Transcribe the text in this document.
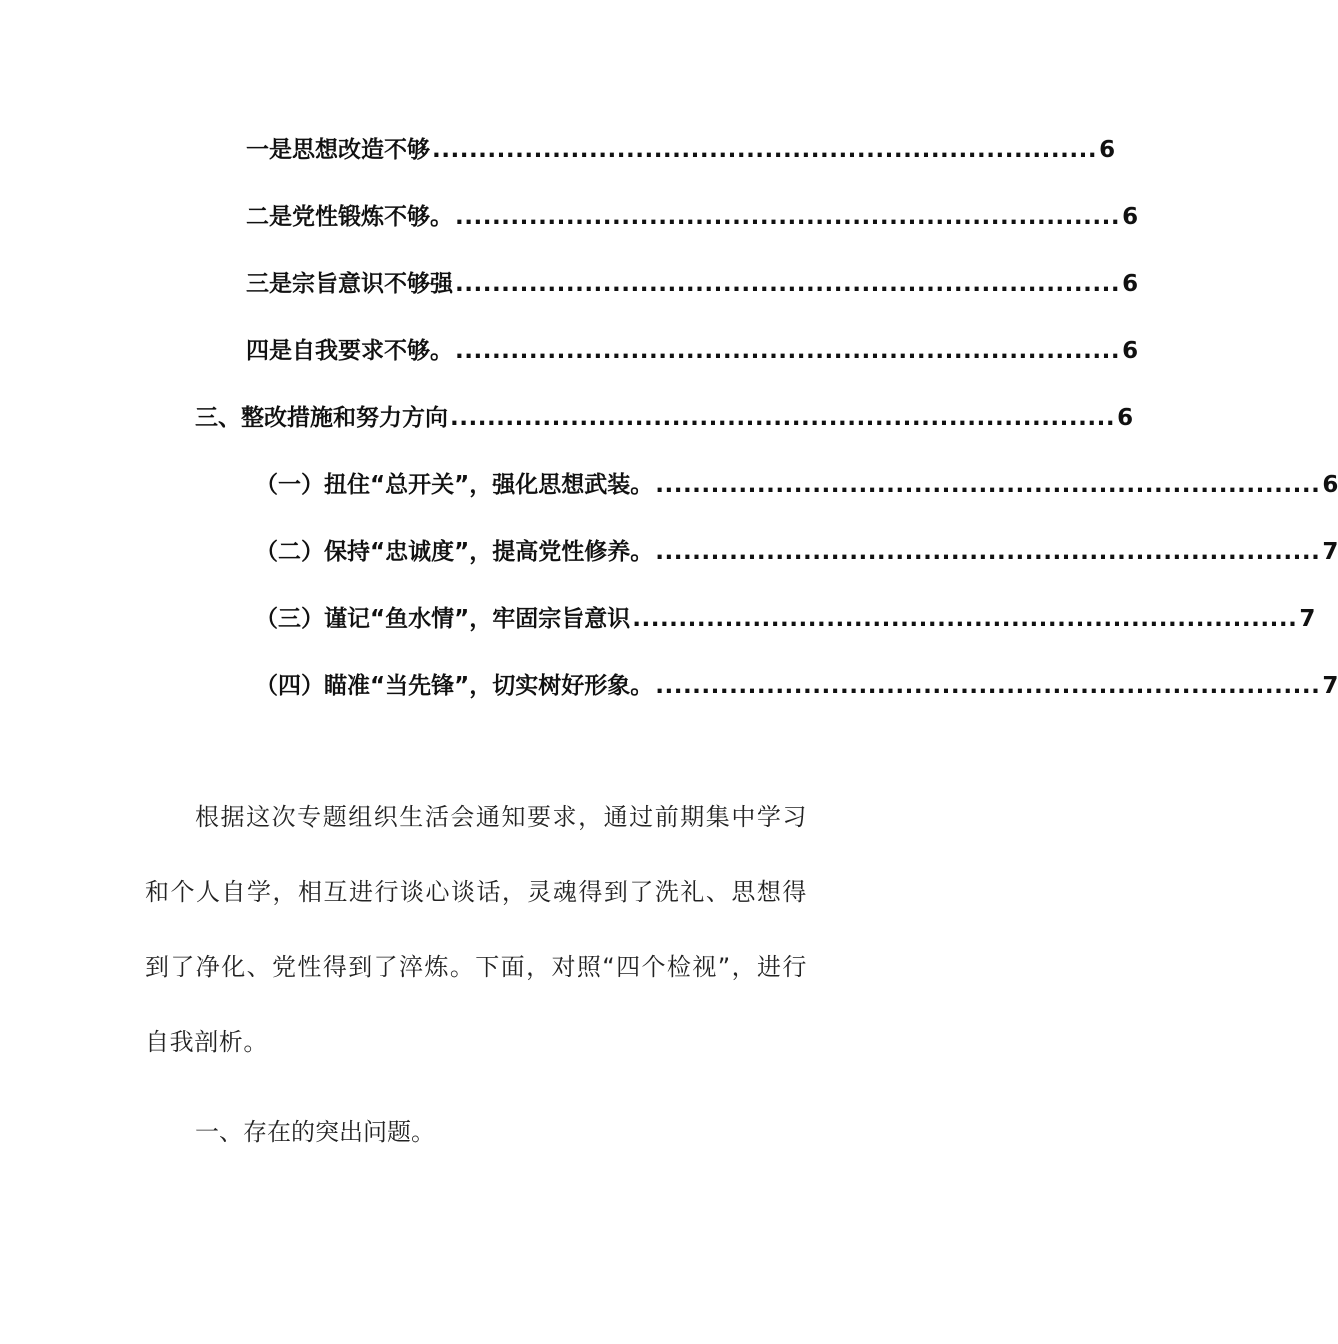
一是思想改造不够 ........................................................................ 6
二是党性锻炼不够。 ........................................................................ 6
三是宗旨意识不够强 ........................................................................ 6
四是自我要求不够。 ........................................................................ 6
三、整改措施和努力方向 ........................................................................ 6
（一）扭住“总开关”，强化思想武装。 ........................................................................ 6
（二）保持“忠诚度”，提高党性修养。 ........................................................................ 7
（三）谨记“鱼水情”，牢固宗旨意识 ........................................................................ 7
（四）瞄准“当先锋”，切实树好形象。 ........................................................................ 7

根据这次专题组织生活会通知要求，通过前期集中学习和个人自学，相互进行谈心谈话，灵魂得到了洗礼、思想得到了净化、党性得到了淬炼。下面，对照“四个检视”，进行自我剖析。

一、存在的突出问题。
